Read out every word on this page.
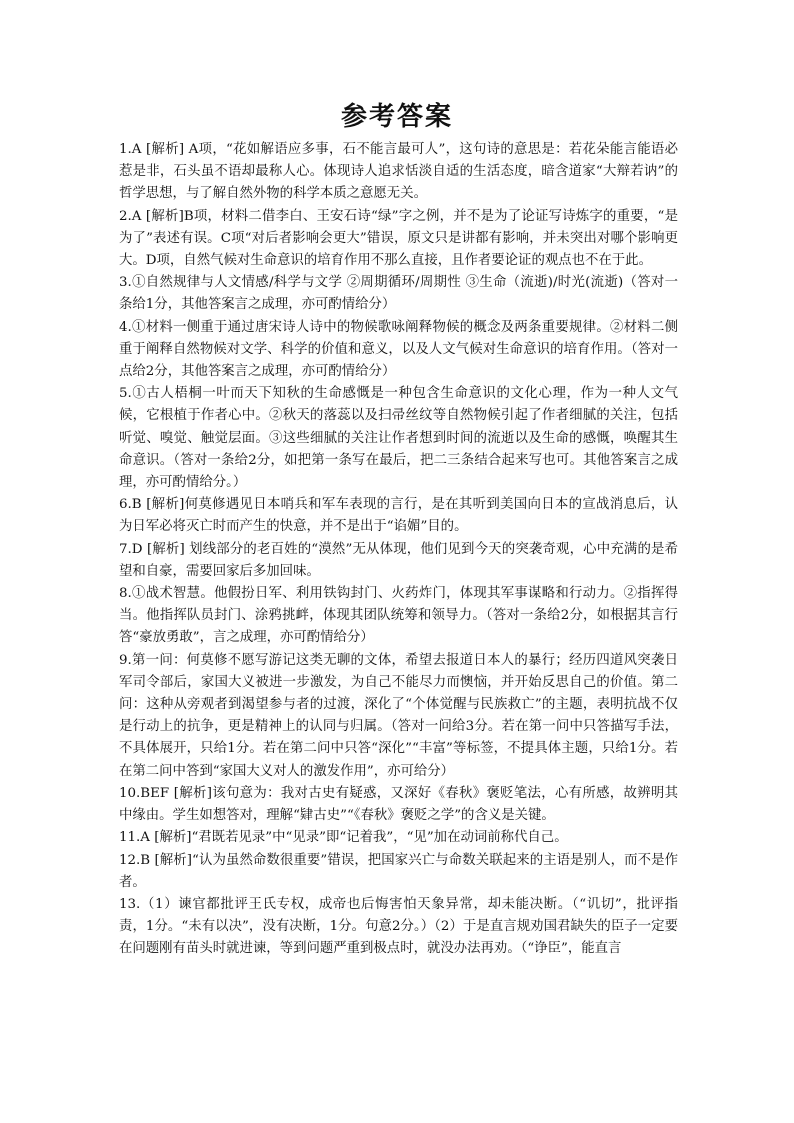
参考答案

1.A [解析] A项，“花如解语应多事，石不能言最可人”，这句诗的意思是：若花朵能言能语必惹是非，石头虽不语却最称人心。体现诗人追求恬淡自适的生活态度，暗含道家“大辩若讷”的哲学思想，与了解自然外物的科学本质之意愿无关。

2.A [解析]B项，材料二借李白、王安石诗“绿”字之例，并不是为了论证写诗炼字的重要，“是为了”表述有误。C项“对后者影响会更大”错误，原文只是讲都有影响，并未突出对哪个影响更大。D项，自然气候对生命意识的培育作用不那么直接，且作者要论证的观点也不在于此。

3.①自然规律与人文情感/科学与文学 ②周期循环/周期性 ③生命（流逝)/时光(流逝)（答对一条给1分，其他答案言之成理，亦可酌情给分）

4.①材料一侧重于通过唐宋诗人诗中的物候歌咏阐释物候的概念及两条重要规律。②材料二侧重于阐释自然物候对文学、科学的价值和意义，以及人文气候对生命意识的培育作用。（答对一点给2分，其他答案言之成理，亦可酌情给分）

5.①古人梧桐一叶而天下知秋的生命感慨是一种包含生命意识的文化心理，作为一种人文气候，它根植于作者心中。②秋天的落蕊以及扫帚丝纹等自然物候引起了作者细腻的关注，包括听觉、嗅觉、触觉层面。③这些细腻的关注让作者想到时间的流逝以及生命的感慨，唤醒其生命意识。（答对一条给2分，如把第一条写在最后，把二三条结合起来写也可。其他答案言之成理，亦可酌情给分。）

6.B [解析]何莫修遇见日本哨兵和军车表现的言行，是在其听到美国向日本的宣战消息后，认为日军必将灭亡时而产生的快意，并不是出于“谄媚”目的。

7.D [解析] 划线部分的老百姓的“漠然”无从体现，他们见到今天的突袭奇观，心中充满的是希望和自豪，需要回家后多加回味。

8.①战术智慧。他假扮日军、利用铁钩封门、火药炸门，体现其军事谋略和行动力。②指挥得当。他指挥队员封门、涂鸦挑衅，体现其团队统筹和领导力。（答对一条给2分，如根据其言行答“豪放勇敢”，言之成理，亦可酌情给分）

9.第一问：何莫修不愿写游记这类无聊的文体，希望去报道日本人的暴行；经历四道风突袭日军司令部后，家国大义被进一步激发，为自己不能尽力而懊恼，并开始反思自己的价值。第二问：这种从旁观者到渴望参与者的过渡，深化了“个体觉醒与民族救亡”的主题，表明抗战不仅是行动上的抗争，更是精神上的认同与归属。（答对一问给3分。若在第一问中只答描写手法，不具体展开，只给1分。若在第二问中只答“深化”“丰富”等标签，不提具体主题，只给1分。若在第二问中答到“家国大义对人的激发作用”，亦可给分）

10.BEF [解析]该句意为：我对古史有疑惑，又深好《春秋》褒贬笔法，心有所感，故辨明其中缘由。学生如想答对，理解“肄古史”“《春秋》褒贬之学”的含义是关键。

11.A [解析]“君既若见录”中“见录”即“记着我”，“见”加在动词前称代自己。

12.B [解析]“认为虽然命数很重要”错误，把国家兴亡与命数关联起来的主语是别人，而不是作者。

13.（1）谏官都批评王氏专权，成帝也后悔害怕天象异常，却未能决断。（“讥切”，批评指责，1分。“未有以决”，没有决断，1分。句意2分。）（2）于是直言规劝国君缺失的臣子一定要在问题刚有苗头时就进谏，等到问题严重到极点时，就没办法再劝。（“诤臣”，能直言
